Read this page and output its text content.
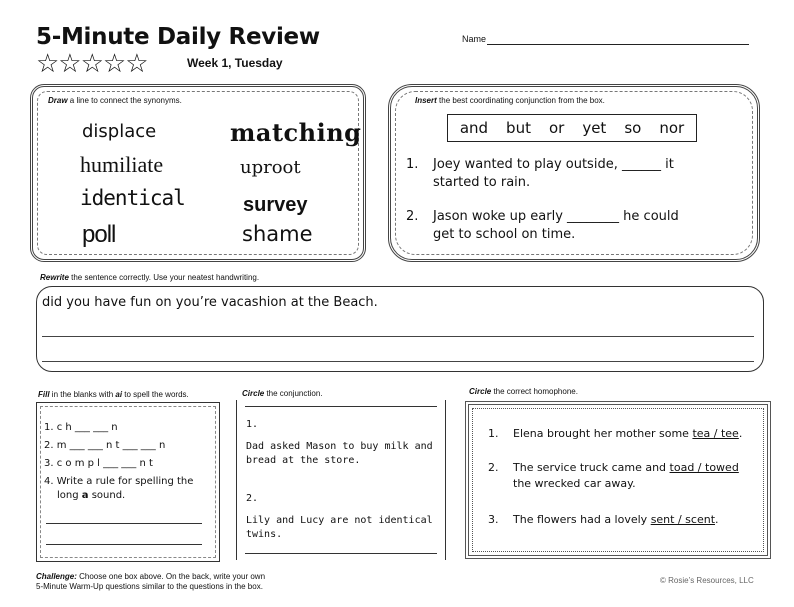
5-Minute Daily Review	Name
☆☆☆☆☆	Week 1, Tuesday
Draw a line to connect the synonyms.
displace
humiliate
identical
poll
matching
uproot
survey
shame
Insert the best coordinating conjunction from the box.
and but or yet so nor
1. Joey wanted to play outside, ______ it
started to rain.
2. Jason woke up early ________ he could
get to school on time.
Rewrite the sentence correctly. Use your neatest handwriting.
did you have fun on you’re vacashion at the Beach.
Fill in the blanks with ai to spell the words.
1. c h ___ ___ n
2. m ___ ___ n t ___ ___ n
3. c o m p l ___ ___ n t
4. Write a rule for spelling the
long a sound.
Circle the conjunction.
1.
Dad asked Mason to buy milk and
bread at the store.
2.
Lily and Lucy are not identical
twins.
Circle the correct homophone.
1. Elena brought her mother some tea / tee.
2. The service truck came and toad / towed
the wrecked car away.
3. The flowers had a lovely sent / scent.
Challenge: Choose one box above. On the back, write your own
5-Minute Warm-Up questions similar to the questions in the box.
© Rosie’s Resources, LLC
